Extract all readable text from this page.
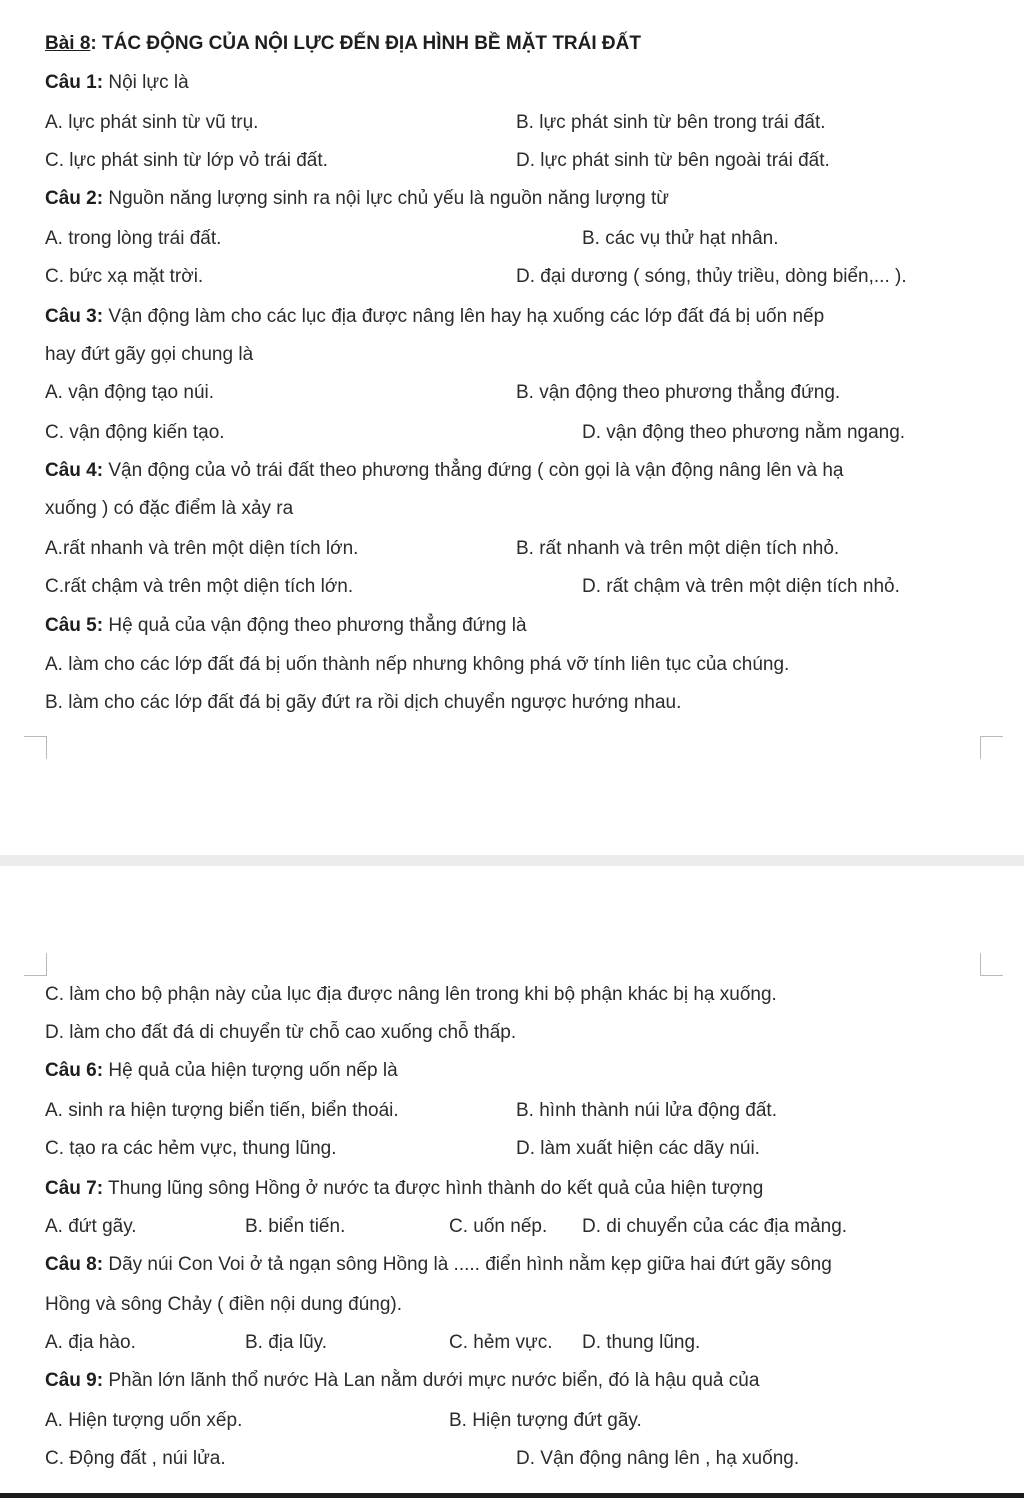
Bài 8: TÁC ĐỘNG CỦA NỘI LỰC ĐẾN ĐỊA HÌNH BỀ MẶT TRÁI ĐẤT
Câu 1: Nội lực là
A. lực phát sinh từ vũ trụ.	B. lực phát sinh từ bên trong trái đất.
C. lực phát sinh từ lớp vỏ trái đất.	D. lực phát sinh từ bên ngoài trái đất.
Câu 2: Nguồn năng lượng sinh ra nội lực chủ yếu là nguồn năng lượng từ
A. trong lòng trái đất.	B. các vụ thử hạt nhân.
C. bức xạ mặt trời.	D. đại dương ( sóng, thủy triều, dòng biển,... ).
Câu 3: Vận động làm cho các lục địa được nâng lên hay hạ xuống các lớp đất đá bị uốn nếp
hay đứt gãy gọi chung là
A. vận động tạo núi.	B. vận động theo phương thẳng đứng.
C. vận động kiến tạo.	D. vận động theo phương nằm ngang.
Câu 4: Vận động của vỏ trái đất theo phương thẳng đứng ( còn gọi là vận động nâng lên và hạ
xuống ) có đặc điểm là xảy ra
A.rất nhanh và trên một diện tích lớn.	B. rất nhanh và trên một diện tích nhỏ.
C.rất chậm và trên một diện tích lớn.	D. rất chậm và trên một diện tích nhỏ.
Câu 5: Hệ quả của vận động theo phương thẳng đứng là
A. làm cho các lớp đất đá bị uốn thành nếp nhưng không phá vỡ tính liên tục của chúng.
B. làm cho các lớp đất đá bị gãy đứt ra rồi dịch chuyển ngược hướng nhau.
C. làm cho bộ phận này của lục địa được nâng lên trong khi bộ phận khác bị hạ xuống.
D. làm cho đất đá di chuyển từ chỗ cao xuống chỗ thấp.
Câu 6: Hệ quả của hiện tượng uốn nếp là
A. sinh ra hiện tượng biển tiến, biển thoái.	B. hình thành núi lửa động đất.
C. tạo ra các hẻm vực, thung lũng.	D. làm xuất hiện các dãy núi.
Câu 7: Thung lũng sông Hồng ở nước ta được hình thành do kết quả của hiện tượng
A. đứt gãy.	B. biển tiến.	C. uốn nếp. D. di chuyển của các địa mảng.
Câu 8: Dãy núi Con Voi ở tả ngạn sông Hồng là ..... điển hình nằm kẹp giữa hai đứt gãy sông
Hồng và sông Chảy ( điền nội dung đúng).
A. địa hào.	B. địa lũy.	C. hẻm vực. D. thung lũng.
Câu 9: Phần lớn lãnh thổ nước Hà Lan nằm dưới mực nước biển, đó là hậu quả của
A. Hiện tượng uốn xếp.	B. Hiện tượng đứt gãy.
C. Động đất , núi lửa.	D. Vận động nâng lên , hạ xuống.
